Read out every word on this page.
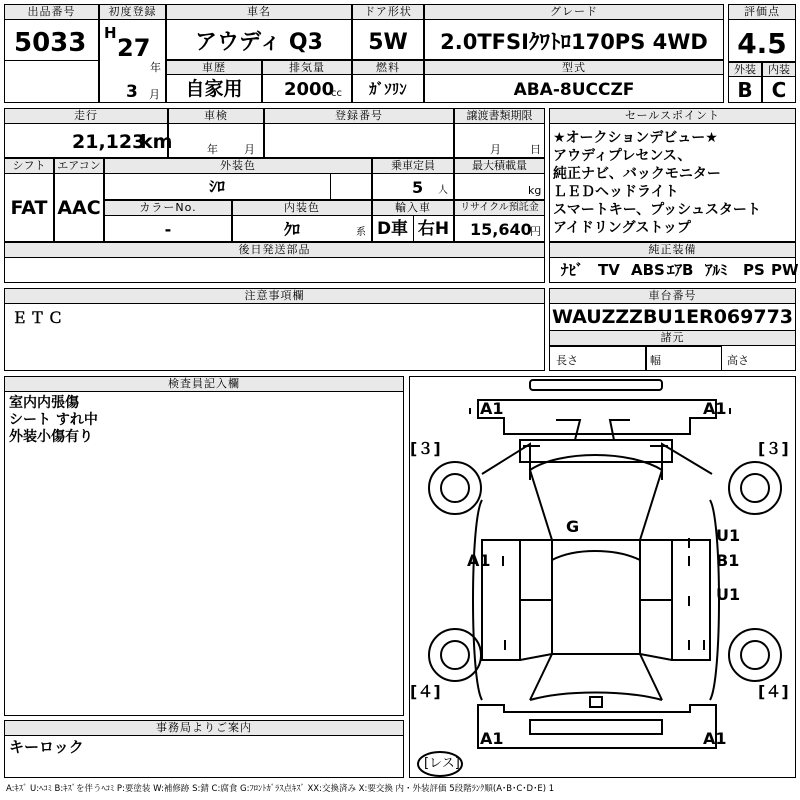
出品番号
5033
初度登録
H
27
年
3 月
車名
アウディ Q3
車歴
自家用
排気量
2000
cc
ドア形状
5W
燃料
ｶﾞｿﾘﾝ
グレード
2.0TFSIｸﾜﾄﾛ170PS 4WD
型式
ABA-8UCCZF
評価点
4.5
外装
B
内装
C
走行
21,123
km
車検
年 月
登録番号	譲渡書類期限
月	日
シフト
FAT
エアコン
AAC
外装色
ｼﾛ
乗車定員
5 人
最大積載量
kg
カラーNo.
-
内装色
ｸﾛ	系
輸入車
D車 右H
リサイクル預託金
15,640
円
後日発送部品
セールスポイント
★オークションデビュー★
アウディプレセンス、
純正ナビ、バックモニター
ＬＥＤヘッドライト
スマートキー、プッシュスタート
アイドリングストップ
純正装備
ﾅﾋﾞ TV ABS ｴｱB ｱﾙﾐ PS PW
注意事項欄
ＥＴＣ
車台番号
WAUZZZBU1ER069773
諸元
長さ	幅	高さ
検査員記入欄
室内内張傷
シート すれ中
外装小傷有り
事務局よりご案内
キーロック
A1	A1
[３]	[３]
G
A1
U1
B1
U1
[４]	[４]
A1	A1
[レス]
A:ｷｽﾞ U:ﾍｺﾐ B:ｷｽﾞを伴うﾍｺﾐ P:要塗装 W:補修跡 S:錆 C:腐食 G:ﾌﾛﾝﾄｶﾞﾗｽ点ｷｽﾞ XX:交換済み X:要交換 内・外装評価 5段階ﾗﾝｸ順(A･B･C･D･E) 1
